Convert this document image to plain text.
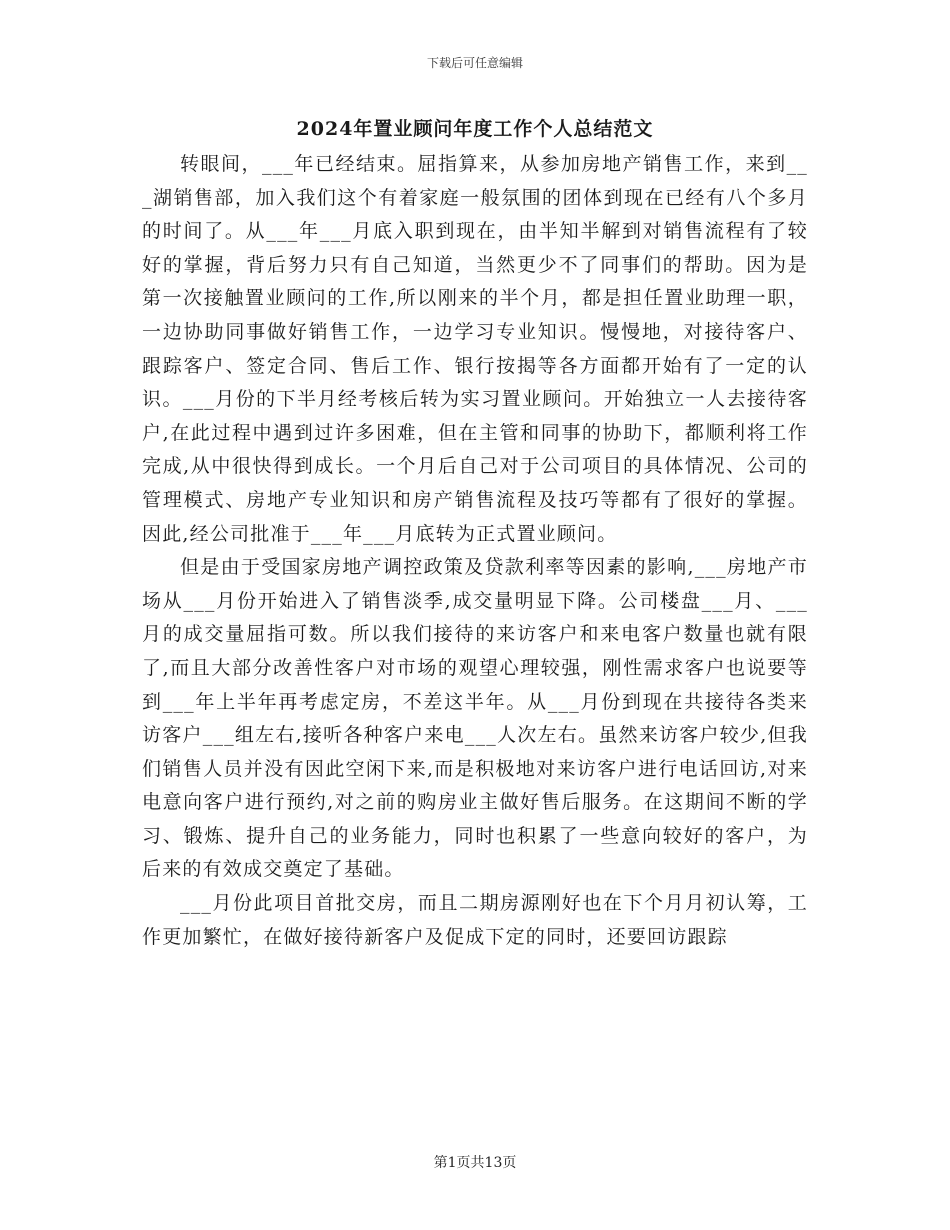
下载后可任意编辑
2024年置业顾问年度工作个人总结范文

转眼间，___年已经结束。屈指算来，从参加房地产销售工作，来到___湖销售部，加入我们这个有着家庭一般氛围的团体到现在已经有八个多月的时间了。从___年___月底入职到现在，由半知半解到对销售流程有了较好的掌握，背后努力只有自己知道，当然更少不了同事们的帮助。因为是第一次接触置业顾问的工作,所以刚来的半个月，都是担任置业助理一职，一边协助同事做好销售工作，一边学习专业知识。慢慢地，对接待客户、跟踪客户、签定合同、售后工作、银行按揭等各方面都开始有了一定的认识。___月份的下半月经考核后转为实习置业顾问。开始独立一人去接待客户,在此过程中遇到过许多困难，但在主管和同事的协助下，都顺利将工作完成,从中很快得到成长。一个月后自己对于公司项目的具体情况、公司的管理模式、房地产专业知识和房产销售流程及技巧等都有了很好的掌握。因此,经公司批准于___年___月底转为正式置业顾问。

但是由于受国家房地产调控政策及贷款利率等因素的影响,___房地产市场从___月份开始进入了销售淡季,成交量明显下降。公司楼盘___月、___月的成交量屈指可数。所以我们接待的来访客户和来电客户数量也就有限了,而且大部分改善性客户对市场的观望心理较强，刚性需求客户也说要等到___年上半年再考虑定房，不差这半年。从___月份到现在共接待各类来访客户___组左右,接听各种客户来电___人次左右。虽然来访客户较少,但我们销售人员并没有因此空闲下来,而是积极地对来访客户进行电话回访,对来电意向客户进行预约,对之前的购房业主做好售后服务。在这期间不断的学习、锻炼、提升自己的业务能力，同时也积累了一些意向较好的客户，为后来的有效成交奠定了基础。

___月份此项目首批交房，而且二期房源刚好也在下个月月初认筹，工作更加繁忙，在做好接待新客户及促成下定的同时，还要回访跟踪

第1页共13页
